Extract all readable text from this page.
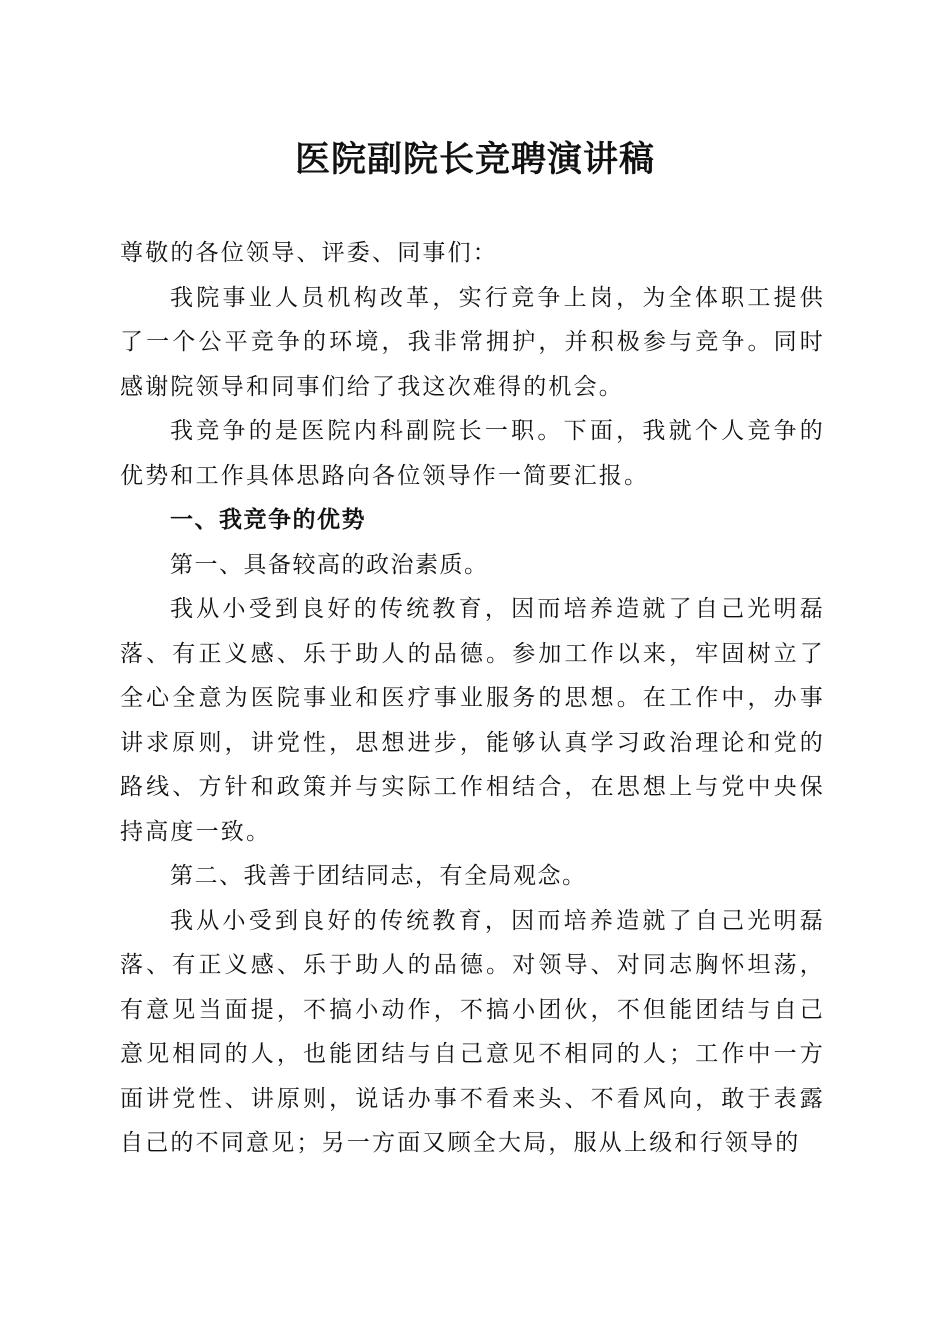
医院副院长竞聘演讲稿

尊敬的各位领导、评委、同事们：

我院事业人员机构改革，实行竞争上岗，为全体职工提供了一个公平竞争的环境，我非常拥护，并积极参与竞争。同时感谢院领导和同事们给了我这次难得的机会。

我竞争的是医院内科副院长一职。下面，我就个人竞争的优势和工作具体思路向各位领导作一简要汇报。

一、我竞争的优势

第一、具备较高的政治素质。

我从小受到良好的传统教育，因而培养造就了自己光明磊落、有正义感、乐于助人的品德。参加工作以来，牢固树立了全心全意为医院事业和医疗事业服务的思想。在工作中，办事讲求原则，讲党性，思想进步，能够认真学习政治理论和党的路线、方针和政策并与实际工作相结合，在思想上与党中央保持高度一致。

第二、我善于团结同志，有全局观念。

我从小受到良好的传统教育，因而培养造就了自己光明磊落、有正义感、乐于助人的品德。对领导、对同志胸怀坦荡，有意见当面提，不搞小动作，不搞小团伙，不但能团结与自己意见相同的人，也能团结与自己意见不相同的人；工作中一方面讲党性、讲原则，说话办事不看来头、不看风向，敢于表露自己的不同意见；另一方面又顾全大局，服从上级和行领导的
